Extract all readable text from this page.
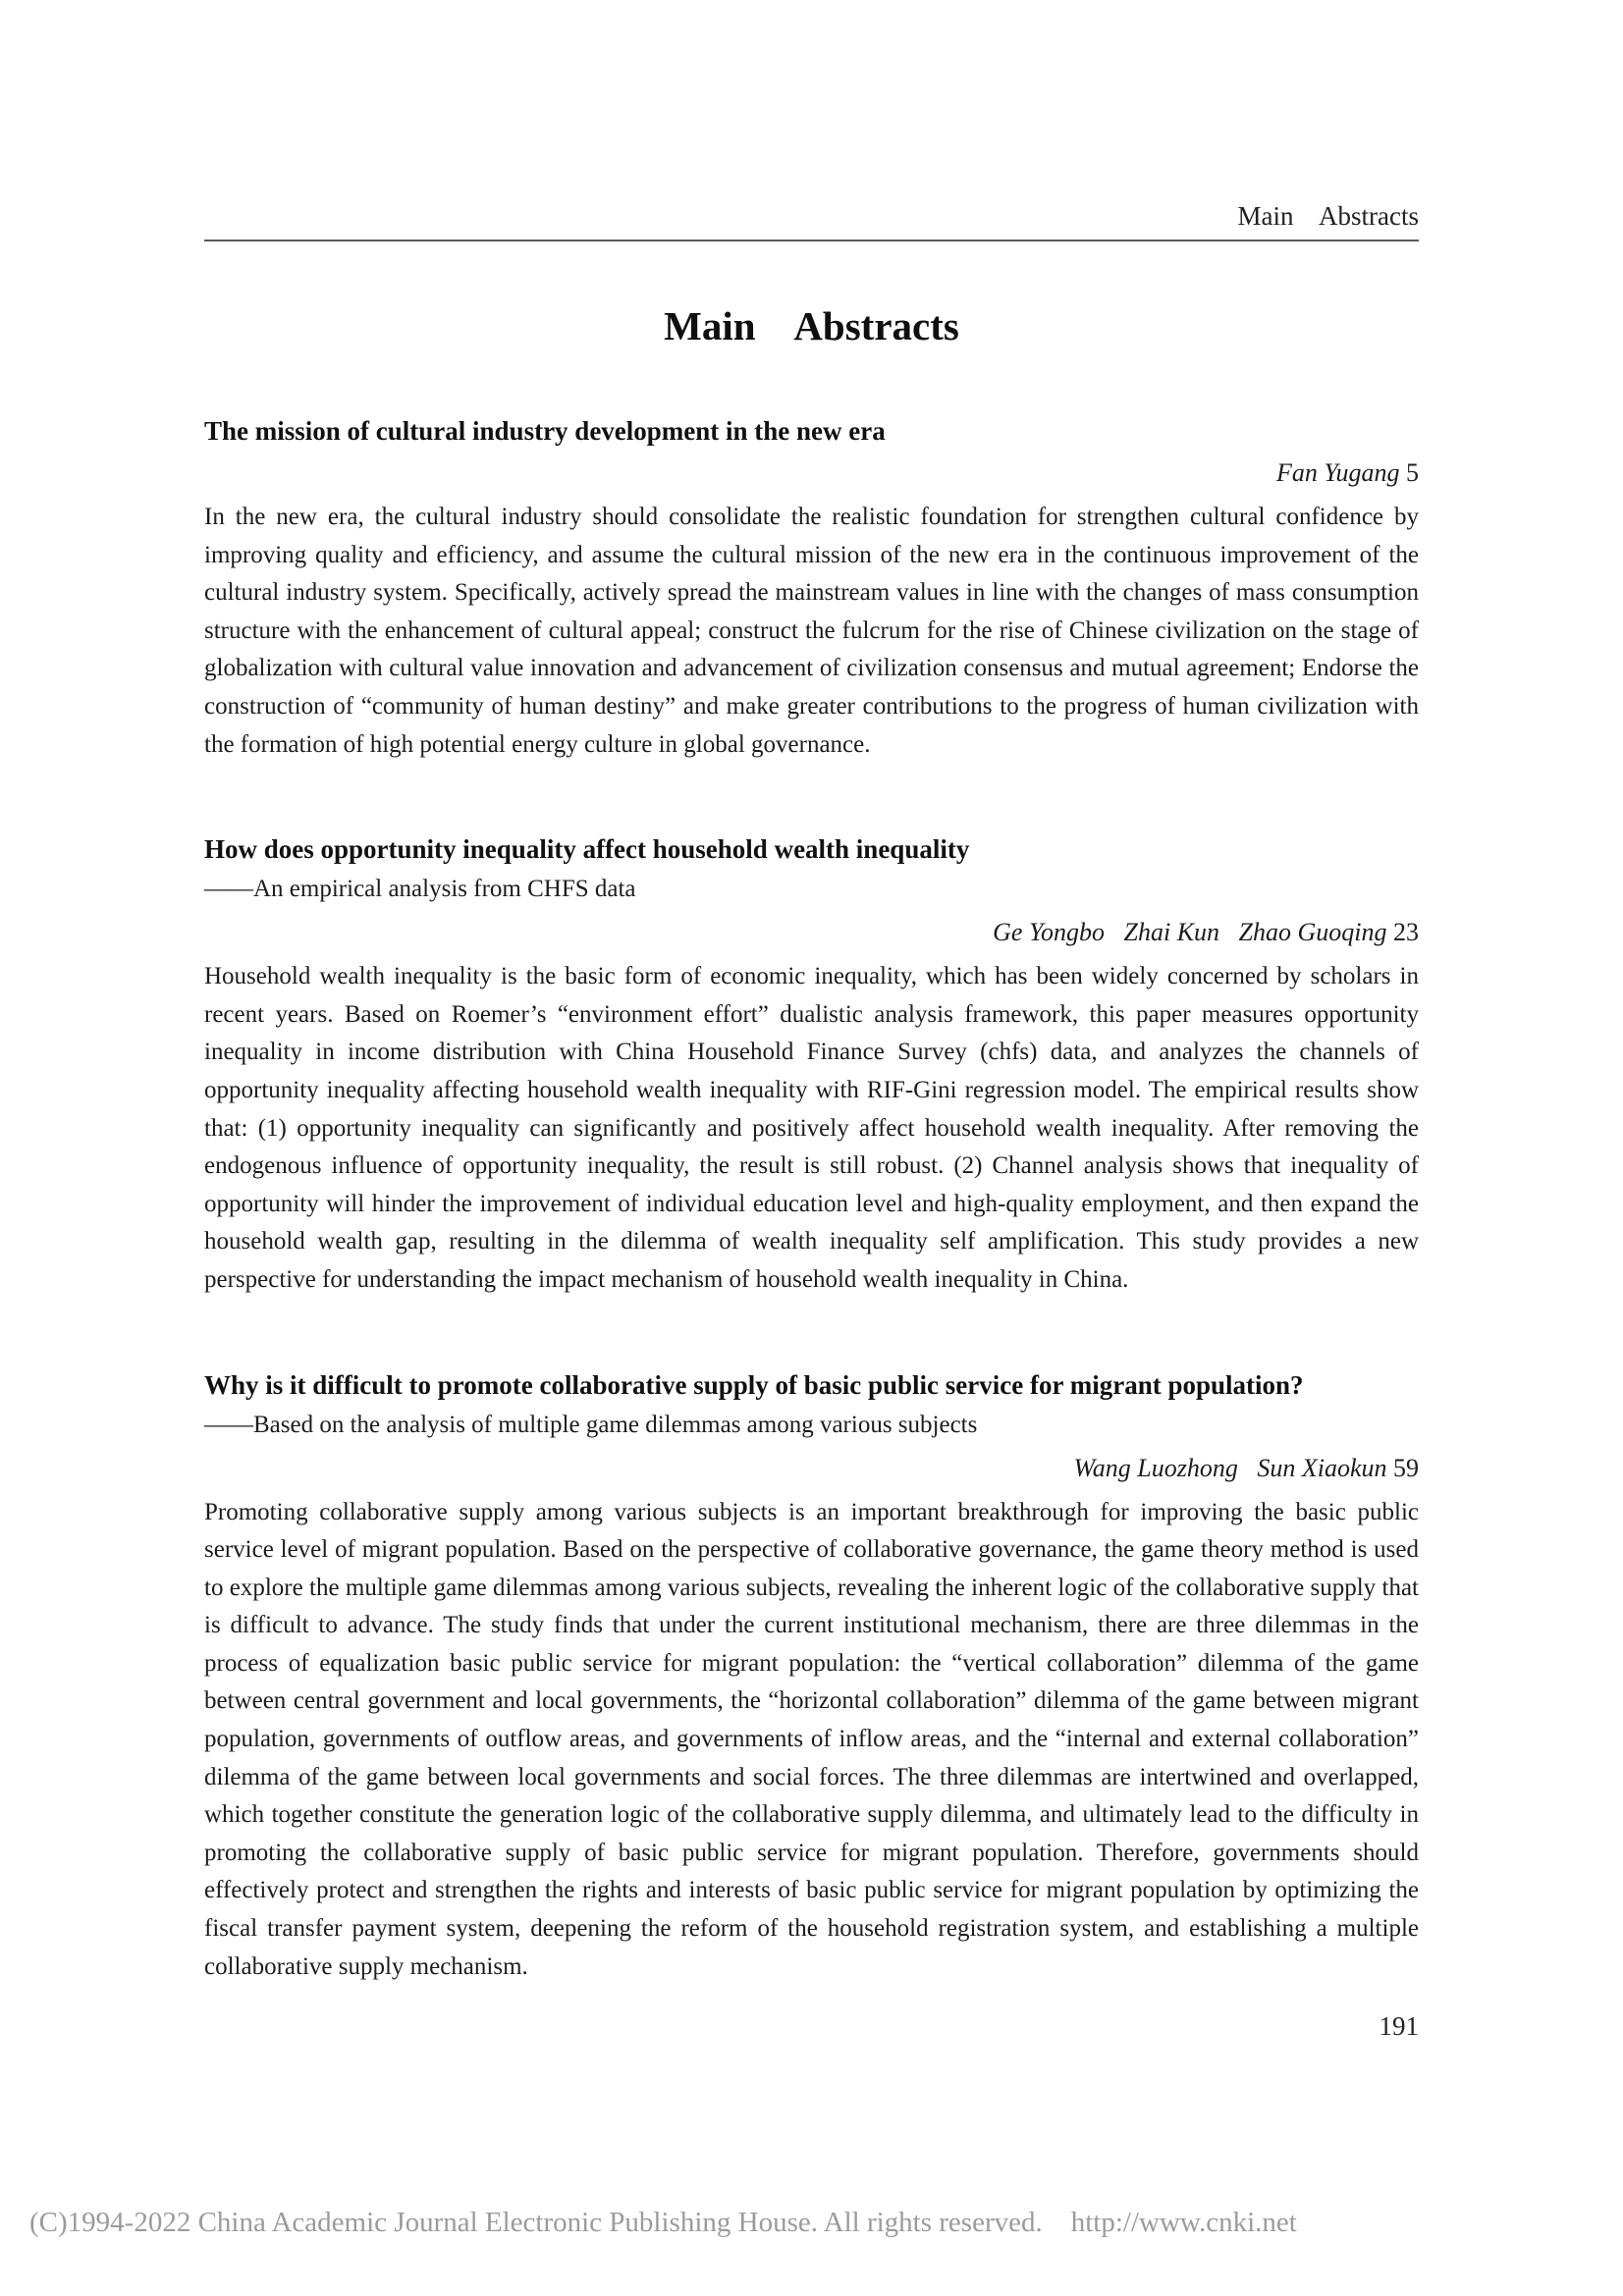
Main    Abstracts
Main    Abstracts
The mission of cultural industry development in the new era
Fan Yugang 5
In the new era, the cultural industry should consolidate the realistic foundation for strengthen cultural confidence by improving quality and efficiency, and assume the cultural mission of the new era in the continuous improvement of the cultural industry system. Specifically, actively spread the mainstream values in line with the changes of mass consumption structure with the enhancement of cultural appeal; construct the fulcrum for the rise of Chinese civilization on the stage of globalization with cultural value innovation and advancement of civilization consensus and mutual agreement; Endorse the construction of “community of human destiny” and make greater contributions to the progress of human civilization with the formation of high potential energy culture in global governance.
How does opportunity inequality affect household wealth inequality
——An empirical analysis from CHFS data
Ge Yongbo   Zhai Kun   Zhao Guoqing 23
Household wealth inequality is the basic form of economic inequality, which has been widely concerned by scholars in recent years. Based on Roemer’s “environment effort” dualistic analysis framework, this paper measures opportunity inequality in income distribution with China Household Finance Survey (chfs) data, and analyzes the channels of opportunity inequality affecting household wealth inequality with RIF-Gini regression model. The empirical results show that: (1) opportunity inequality can significantly and positively affect household wealth inequality. After removing the endogenous influence of opportunity inequality, the result is still robust. (2) Channel analysis shows that inequality of opportunity will hinder the improvement of individual education level and high-quality employment, and then expand the household wealth gap, resulting in the dilemma of wealth inequality self amplification. This study provides a new perspective for understanding the impact mechanism of household wealth inequality in China.
Why is it difficult to promote collaborative supply of basic public service for migrant population?
——Based on the analysis of multiple game dilemmas among various subjects
Wang Luozhong   Sun Xiaokun 59
Promoting collaborative supply among various subjects is an important breakthrough for improving the basic public service level of migrant population. Based on the perspective of collaborative governance, the game theory method is used to explore the multiple game dilemmas among various subjects, revealing the inherent logic of the collaborative supply that is difficult to advance. The study finds that under the current institutional mechanism, there are three dilemmas in the process of equalization basic public service for migrant population: the “vertical collaboration” dilemma of the game between central government and local governments, the “horizontal collaboration” dilemma of the game between migrant population, governments of outflow areas, and governments of inflow areas, and the “internal and external collaboration” dilemma of the game between local governments and social forces. The three dilemmas are intertwined and overlapped, which together constitute the generation logic of the collaborative supply dilemma, and ultimately lead to the difficulty in promoting the collaborative supply of basic public service for migrant population. Therefore, governments should effectively protect and strengthen the rights and interests of basic public service for migrant population by optimizing the fiscal transfer payment system, deepening the reform of the household registration system, and establishing a multiple collaborative supply mechanism.
191
(C)1994-2022 China Academic Journal Electronic Publishing House. All rights reserved.    http://www.cnki.net
